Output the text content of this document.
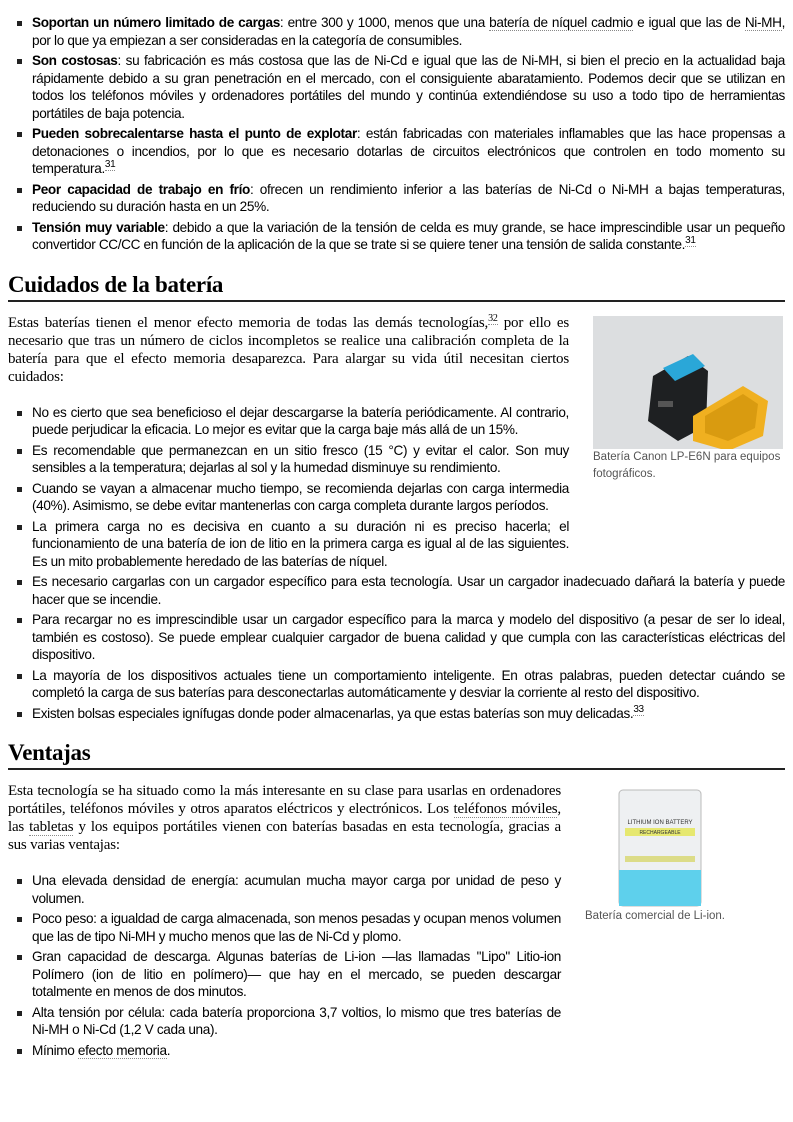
Soportan un número limitado de cargas: entre 300 y 1000, menos que una batería de níquel cadmio e igual que las de Ni-MH, por lo que ya empiezan a ser consideradas en la categoría de consumibles.
Son costosas: su fabricación es más costosa que las de Ni-Cd e igual que las de Ni-MH, si bien el precio en la actualidad baja rápidamente debido a su gran penetración en el mercado, con el consiguiente abaratamiento. Podemos decir que se utilizan en todos los teléfonos móviles y ordenadores portátiles del mundo y continúa extendiéndose su uso a todo tipo de herramientas portátiles de baja potencia.
Pueden sobrecalentarse hasta el punto de explotar: están fabricadas con materiales inflamables que las hace propensas a detonaciones o incendios, por lo que es necesario dotarlas de circuitos electrónicos que controlen en todo momento su temperatura.$^{31}$
Peor capacidad de trabajo en frío: ofrecen un rendimiento inferior a las baterías de Ni-Cd o Ni-MH a bajas temperaturas, reduciendo su duración hasta en un 25%.
Tensión muy variable: debido a que la variación de la tensión de celda es muy grande, se hace imprescindible usar un pequeño convertidor CC/CC en función de la aplicación de la que se trate si se quiere tener una tensión de salida constante.$^{31}$
Cuidados de la batería
Batería Canon LP-E6N para equipos fotográficos.

Estas baterías tienen el menor efecto memoria de todas las demás tecnologías,$^{32}$ por ello es necesario que tras un número de ciclos incompletos se realice una calibración completa de la batería para que el efecto memoria desaparezca. Para alargar su vida útil necesitan ciertos cuidados:

No es cierto que sea beneficioso el dejar descargarse la batería periódicamente. Al contrario, puede perjudicar la eficacia. Lo mejor es evitar que la carga baje más allá de un 15%.
Es recomendable que permanezcan en un sitio fresco (15 °C) y evitar el calor. Son muy sensibles a la temperatura; dejarlas al sol y la humedad disminuye su rendimiento.
Cuando se vayan a almacenar mucho tiempo, se recomienda dejarlas con carga intermedia (40%). Asimismo, se debe evitar mantenerlas con carga completa durante largos períodos.
La primera carga no es decisiva en cuanto a su duración ni es preciso hacerla; el funcionamiento de una batería de ion de litio en la primera carga es igual al de las siguientes. Es un mito probablemente heredado de las baterías de níquel.
Es necesario cargarlas con un cargador específico para esta tecnología. Usar un cargador inadecuado dañará la batería y puede hacer que se incendie.
Para recargar no es imprescindible usar un cargador específico para la marca y modelo del dispositivo (a pesar de ser lo ideal, también es costoso). Se puede emplear cualquier cargador de buena calidad y que cumpla con las características eléctricas del dispositivo.
La mayoría de los dispositivos actuales tiene un comportamiento inteligente. En otras palabras, pueden detectar cuándo se completó la carga de sus baterías para desconectarlas automáticamente y desviar la corriente al resto del dispositivo.
Existen bolsas especiales ignífugas donde poder almacenarlas, ya que estas baterías son muy delicadas.$^{33}$
Ventajas
LITHIUM ION BATTERY
RECHARGEABLE
Batería comercial de Li-ion.

Esta tecnología se ha situado como la más interesante en su clase para usarlas en ordenadores portátiles, teléfonos móviles y otros aparatos eléctricos y electrónicos. Los teléfonos móviles, las tabletas y los equipos portátiles vienen con baterías basadas en esta tecnología, gracias a sus varias ventajas:

Una elevada densidad de energía: acumulan mucha mayor carga por unidad de peso y volumen.
Poco peso: a igualdad de carga almacenada, son menos pesadas y ocupan menos volumen que las de tipo Ni-MH y mucho menos que las de Ni-Cd y plomo.
Gran capacidad de descarga. Algunas baterías de Li-ion —las llamadas "Lipo" Litio-ion Polímero (ion de litio en polímero)— que hay en el mercado, se pueden descargar totalmente en menos de dos minutos.
Alta tensión por célula: cada batería proporciona 3,7 voltios, lo mismo que tres baterías de Ni-MH o Ni-Cd (1,2 V cada una).
Mínimo efecto memoria.
